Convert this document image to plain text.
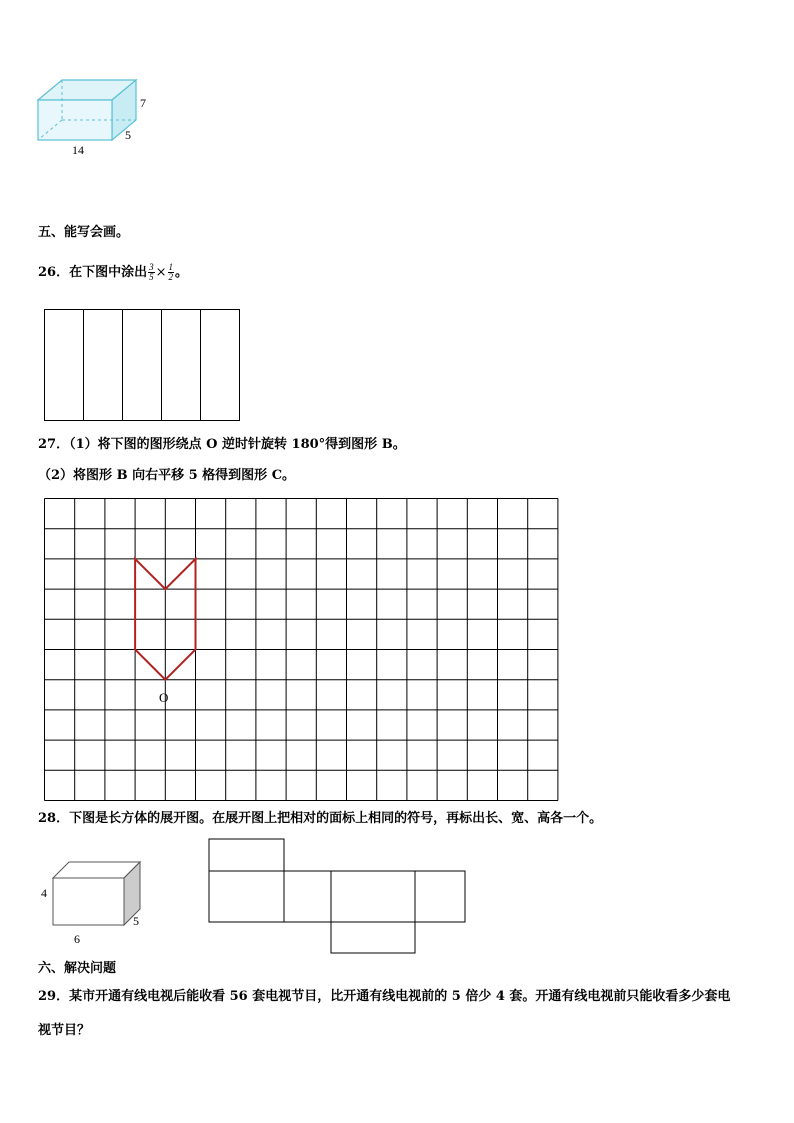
7
5
14
五、能写会画。
26．在下图中涂出 $\frac{3}{5} \times \frac{1}{2}$ 。
27．（1）将下图的图形绕点 O 逆时针旋转 180°得到图形 B。
（2）将图形 B 向右平移 5 格得到图形 C。
O
28．下图是长方体的展开图。在展开图上把相对的面标上相同的符号，再标出长、宽、高各一个。
4
5
6
六、解决问题
29．某市开通有线电视后能收看 56 套电视节目，比开通有线电视前的 5 倍少 4 套。开通有线电视前只能收看多少套电
视节目？
